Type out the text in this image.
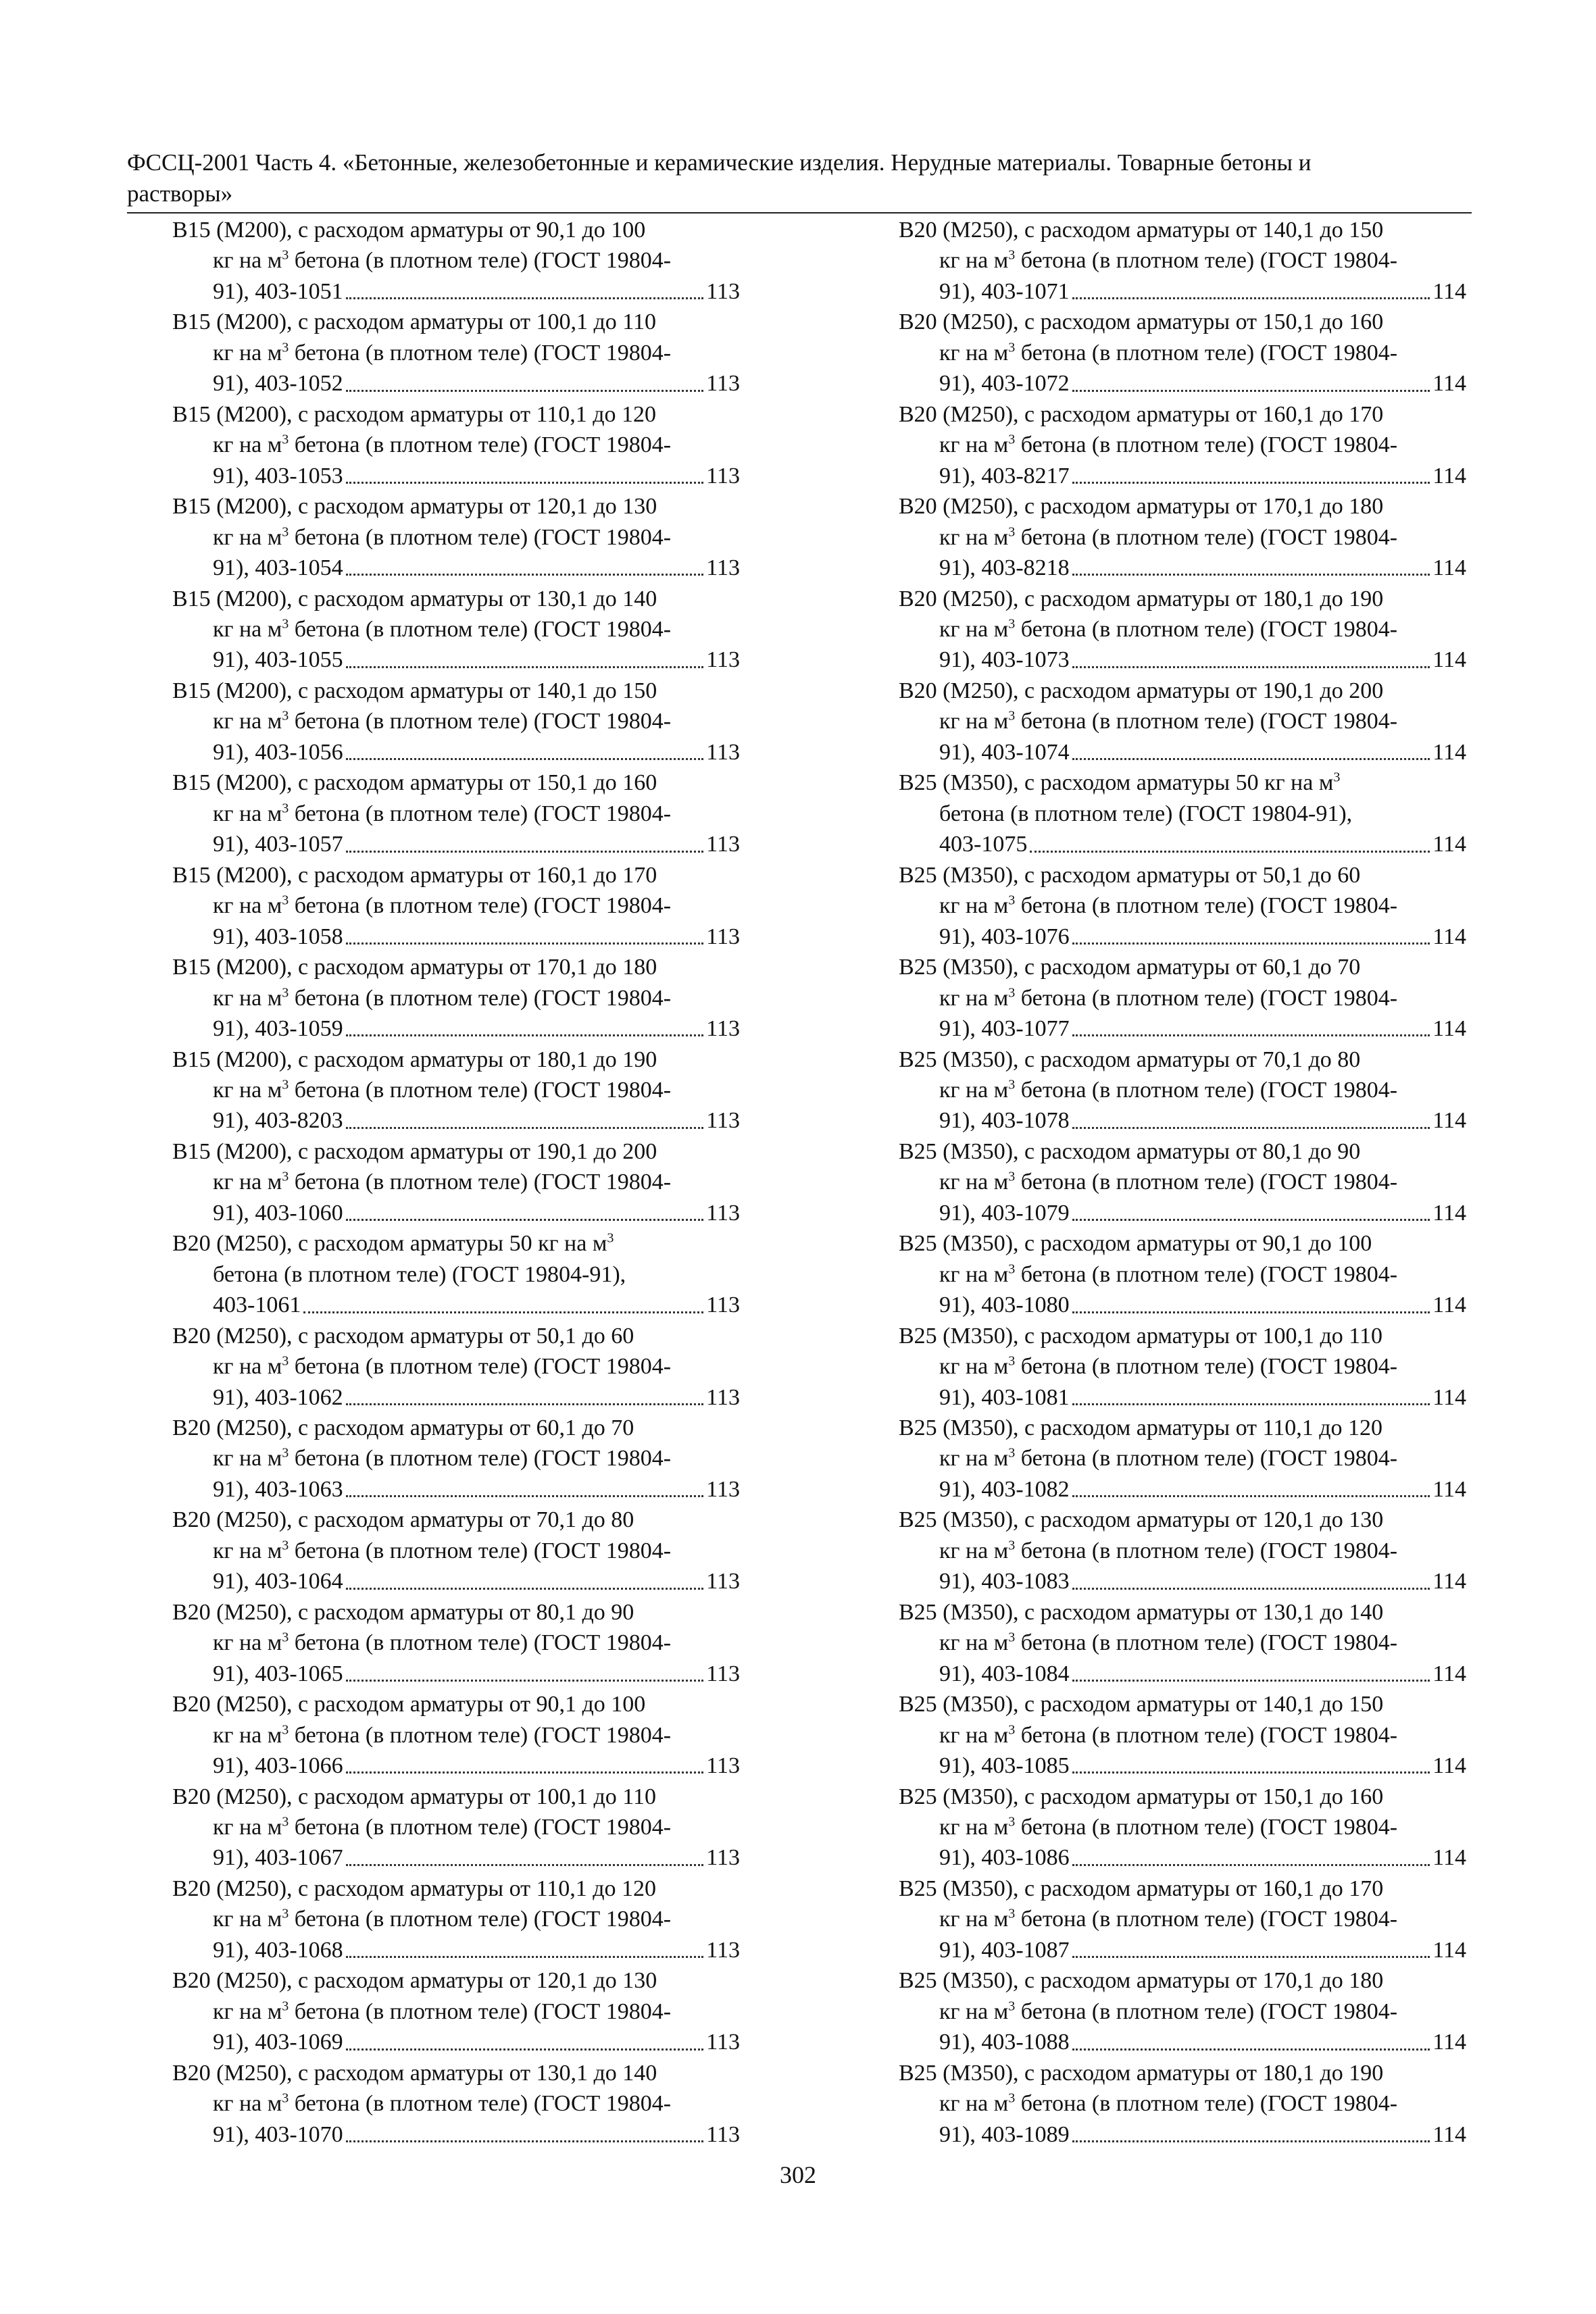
ФССЦ-2001 Часть 4. «Бетонные, железобетонные и керамические изделия. Нерудные материалы. Товарные бетоны и
растворы»
B15 (M200), с расходом арматуры от 90,1 до 100
кг на $м^3$ бетона (в плотном теле) (ГОСТ 19804-
91), 403-1051	113
B15 (M200), с расходом арматуры от 100,1 до 110
кг на $м^3$ бетона (в плотном теле) (ГОСТ 19804-
91), 403-1052	113
B15 (M200), с расходом арматуры от 110,1 до 120
кг на $м^3$ бетона (в плотном теле) (ГОСТ 19804-
91), 403-1053	113
B15 (M200), с расходом арматуры от 120,1 до 130
кг на $м^3$ бетона (в плотном теле) (ГОСТ 19804-
91), 403-1054	113
B15 (M200), с расходом арматуры от 130,1 до 140
кг на $м^3$ бетона (в плотном теле) (ГОСТ 19804-
91), 403-1055	113
B15 (M200), с расходом арматуры от 140,1 до 150
кг на $м^3$ бетона (в плотном теле) (ГОСТ 19804-
91), 403-1056	113
B15 (M200), с расходом арматуры от 150,1 до 160
кг на $м^3$ бетона (в плотном теле) (ГОСТ 19804-
91), 403-1057	113
B15 (M200), с расходом арматуры от 160,1 до 170
кг на $м^3$ бетона (в плотном теле) (ГОСТ 19804-
91), 403-1058	113
B15 (M200), с расходом арматуры от 170,1 до 180
кг на $м^3$ бетона (в плотном теле) (ГОСТ 19804-
91), 403-1059	113
B15 (M200), с расходом арматуры от 180,1 до 190
кг на $м^3$ бетона (в плотном теле) (ГОСТ 19804-
91), 403-8203	113
B15 (M200), с расходом арматуры от 190,1 до 200
кг на $м^3$ бетона (в плотном теле) (ГОСТ 19804-
91), 403-1060	113
B20 (M250), с расходом арматуры 50 кг на $м^3$
бетона (в плотном теле) (ГОСТ 19804-91),
403-1061	113
B20 (M250), с расходом арматуры от 50,1 до 60
кг на $м^3$ бетона (в плотном теле) (ГОСТ 19804-
91), 403-1062	113
B20 (M250), с расходом арматуры от 60,1 до 70
кг на $м^3$ бетона (в плотном теле) (ГОСТ 19804-
91), 403-1063	113
B20 (M250), с расходом арматуры от 70,1 до 80
кг на $м^3$ бетона (в плотном теле) (ГОСТ 19804-
91), 403-1064	113
B20 (M250), с расходом арматуры от 80,1 до 90
кг на $м^3$ бетона (в плотном теле) (ГОСТ 19804-
91), 403-1065	113
B20 (M250), с расходом арматуры от 90,1 до 100
кг на $м^3$ бетона (в плотном теле) (ГОСТ 19804-
91), 403-1066	113
B20 (M250), с расходом арматуры от 100,1 до 110
кг на $м^3$ бетона (в плотном теле) (ГОСТ 19804-
91), 403-1067	113
B20 (M250), с расходом арматуры от 110,1 до 120
кг на $м^3$ бетона (в плотном теле) (ГОСТ 19804-
91), 403-1068	113
B20 (M250), с расходом арматуры от 120,1 до 130
кг на $м^3$ бетона (в плотном теле) (ГОСТ 19804-
91), 403-1069	113
B20 (M250), с расходом арматуры от 130,1 до 140
кг на $м^3$ бетона (в плотном теле) (ГОСТ 19804-
91), 403-1070	113
B20 (M250), с расходом арматуры от 140,1 до 150
кг на $м^3$ бетона (в плотном теле) (ГОСТ 19804-
91), 403-1071	114
B20 (M250), с расходом арматуры от 150,1 до 160
кг на $м^3$ бетона (в плотном теле) (ГОСТ 19804-
91), 403-1072	114
B20 (M250), с расходом арматуры от 160,1 до 170
кг на $м^3$ бетона (в плотном теле) (ГОСТ 19804-
91), 403-8217	114
B20 (M250), с расходом арматуры от 170,1 до 180
кг на $м^3$ бетона (в плотном теле) (ГОСТ 19804-
91), 403-8218	114
B20 (M250), с расходом арматуры от 180,1 до 190
кг на $м^3$ бетона (в плотном теле) (ГОСТ 19804-
91), 403-1073	114
B20 (M250), с расходом арматуры от 190,1 до 200
кг на $м^3$ бетона (в плотном теле) (ГОСТ 19804-
91), 403-1074	114
B25 (M350), с расходом арматуры 50 кг на $м^3$
бетона (в плотном теле) (ГОСТ 19804-91),
403-1075	114
B25 (M350), с расходом арматуры от 50,1 до 60
кг на $м^3$ бетона (в плотном теле) (ГОСТ 19804-
91), 403-1076	114
B25 (M350), с расходом арматуры от 60,1 до 70
кг на $м^3$ бетона (в плотном теле) (ГОСТ 19804-
91), 403-1077	114
B25 (M350), с расходом арматуры от 70,1 до 80
кг на $м^3$ бетона (в плотном теле) (ГОСТ 19804-
91), 403-1078	114
B25 (M350), с расходом арматуры от 80,1 до 90
кг на $м^3$ бетона (в плотном теле) (ГОСТ 19804-
91), 403-1079	114
B25 (M350), с расходом арматуры от 90,1 до 100
кг на $м^3$ бетона (в плотном теле) (ГОСТ 19804-
91), 403-1080	114
B25 (M350), с расходом арматуры от 100,1 до 110
кг на $м^3$ бетона (в плотном теле) (ГОСТ 19804-
91), 403-1081	114
B25 (M350), с расходом арматуры от 110,1 до 120
кг на $м^3$ бетона (в плотном теле) (ГОСТ 19804-
91), 403-1082	114
B25 (M350), с расходом арматуры от 120,1 до 130
кг на $м^3$ бетона (в плотном теле) (ГОСТ 19804-
91), 403-1083	114
B25 (M350), с расходом арматуры от 130,1 до 140
кг на $м^3$ бетона (в плотном теле) (ГОСТ 19804-
91), 403-1084	114
B25 (M350), с расходом арматуры от 140,1 до 150
кг на $м^3$ бетона (в плотном теле) (ГОСТ 19804-
91), 403-1085	114
B25 (M350), с расходом арматуры от 150,1 до 160
кг на $м^3$ бетона (в плотном теле) (ГОСТ 19804-
91), 403-1086	114
B25 (M350), с расходом арматуры от 160,1 до 170
кг на $м^3$ бетона (в плотном теле) (ГОСТ 19804-
91), 403-1087	114
B25 (M350), с расходом арматуры от 170,1 до 180
кг на $м^3$ бетона (в плотном теле) (ГОСТ 19804-
91), 403-1088	114
B25 (M350), с расходом арматуры от 180,1 до 190
кг на $м^3$ бетона (в плотном теле) (ГОСТ 19804-
91), 403-1089	114
302
